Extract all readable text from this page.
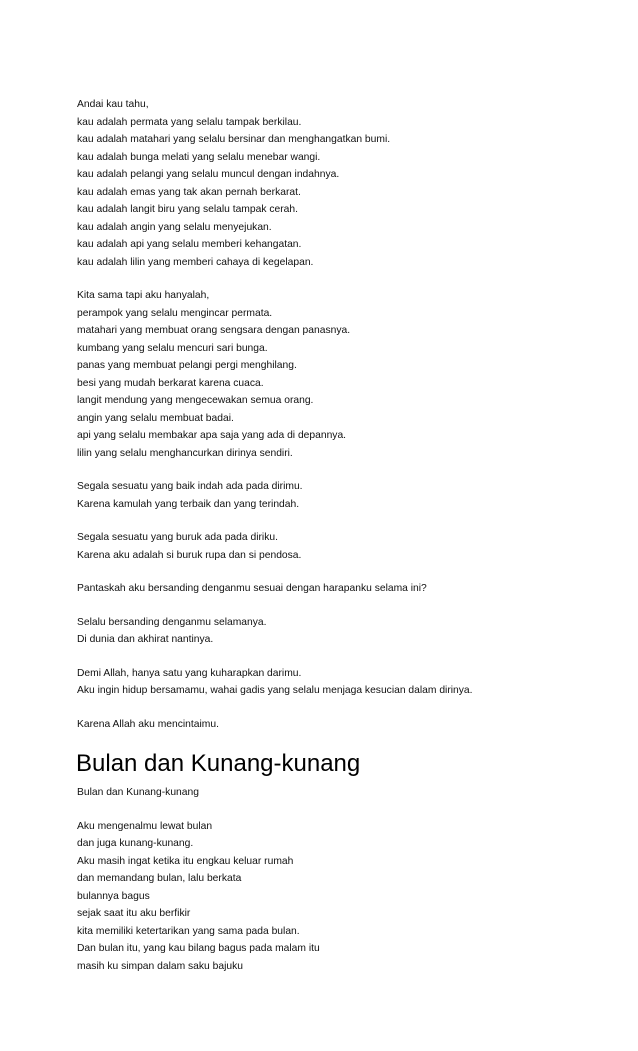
Andai kau tahu,
kau adalah permata yang selalu tampak berkilau.
kau adalah matahari yang selalu bersinar dan menghangatkan bumi.
kau adalah bunga melati yang selalu menebar wangi.
kau adalah pelangi yang selalu muncul dengan indahnya.
kau adalah emas yang tak akan pernah berkarat.
kau adalah langit biru yang selalu tampak cerah.
kau adalah angin yang selalu menyejukan.
kau adalah api yang selalu memberi kehangatan.
kau adalah lilin yang memberi cahaya di kegelapan.
Kita sama tapi aku hanyalah,
perampok yang selalu mengincar permata.
matahari yang membuat orang sengsara dengan panasnya.
kumbang yang selalu mencuri sari bunga.
panas yang membuat pelangi pergi menghilang.
besi yang mudah berkarat karena cuaca.
langit mendung yang mengecewakan semua orang.
angin yang selalu membuat badai.
api yang selalu membakar apa saja yang ada di depannya.
lilin yang selalu menghancurkan dirinya sendiri.
Segala sesuatu yang baik indah ada pada dirimu.
Karena kamulah yang terbaik dan yang terindah.
Segala sesuatu yang buruk ada pada diriku.
Karena aku adalah si buruk rupa dan si pendosa.
Pantaskah aku bersanding denganmu sesuai dengan harapanku selama ini?
Selalu bersanding denganmu selamanya.
Di dunia dan akhirat nantinya.
Demi Allah, hanya satu yang kuharapkan darimu.
Aku ingin hidup bersamamu, wahai gadis yang selalu menjaga kesucian dalam dirinya.
Karena Allah aku mencintaimu.
Bulan dan Kunang-kunang
Bulan dan Kunang-kunang
Aku mengenalmu lewat bulan
dan juga kunang-kunang.
Aku masih ingat ketika itu engkau keluar rumah
dan memandang bulan, lalu berkata
bulannya bagus
sejak saat itu aku berfikir
kita memiliki ketertarikan yang sama pada bulan.
Dan bulan itu, yang kau bilang bagus pada malam itu
masih ku simpan dalam saku bajuku
